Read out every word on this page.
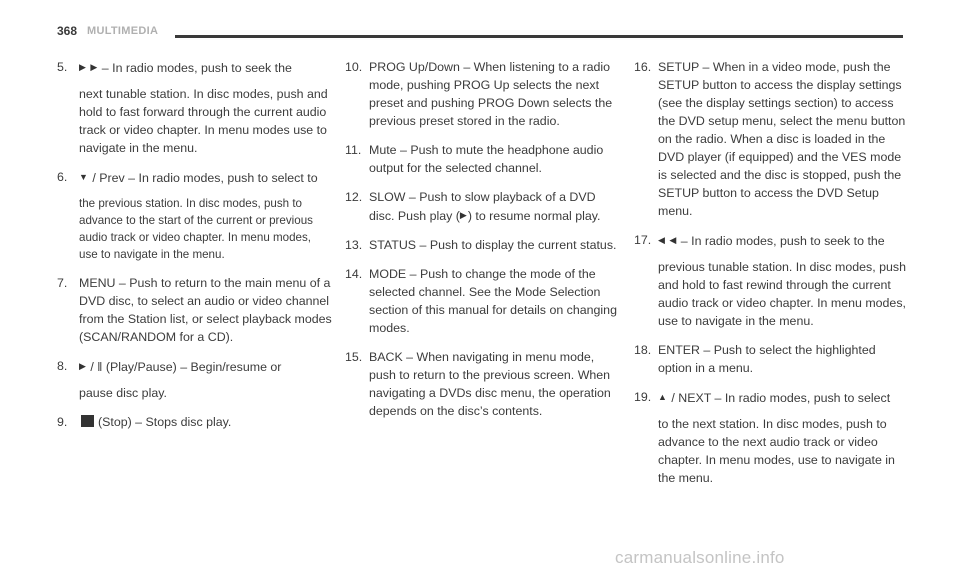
368 MULTIMEDIA
5. ▶ ▶ – In radio modes, push to seek the
next tunable station. In disc modes, push and hold to fast forward through the current audio track or video chapter. In menu modes use to navigate in the menu.
6. ▼ / Prev – In radio modes, push to select to
the previous station. In disc modes, push to advance to the start of the current or previous audio track or video chapter. In menu modes, use to navigate in the menu.
7. MENU – Push to return to the main menu of a DVD disc, to select an audio or video channel from the Station list, or select playback modes (SCAN/RANDOM for a CD).
8. ▶ / ‖ (Play/Pause) – Begin/resume or
pause disc play.
9. (Stop) – Stops disc play.
10. PROG Up/Down – When listening to a radio mode, pushing PROG Up selects the next preset and pushing PROG Down selects the previous preset stored in the radio.
11. Mute – Push to mute the headphone audio output for the selected channel.
12. SLOW – Push to slow playback of a DVD disc. Push play (▶) to resume normal play.
13. STATUS – Push to display the current status.
14. MODE – Push to change the mode of the selected channel. See the Mode Selection section of this manual for details on changing modes.
15. BACK – When navigating in menu mode, push to return to the previous screen. When navigating a DVDs disc menu, the operation depends on the disc’s contents.
16. SETUP – When in a video mode, push the SETUP button to access the display settings (see the display settings section) to access the DVD setup menu, select the menu button on the radio. When a disc is loaded in the DVD player (if equipped) and the VES mode is selected and the disc is stopped, push the SETUP button to access the DVD Setup menu.
17. ◀ ◀ – In radio modes, push to seek to the
previous tunable station. In disc modes, push and hold to fast rewind through the current audio track or video chapter. In menu modes, use to navigate in the menu.
18. ENTER – Push to select the highlighted option in a menu.
19. ▲ / NEXT – In radio modes, push to select
to the next station. In disc modes, push to advance to the next audio track or video chapter. In menu modes, use to navigate in the menu.
carmanualsonline.info
